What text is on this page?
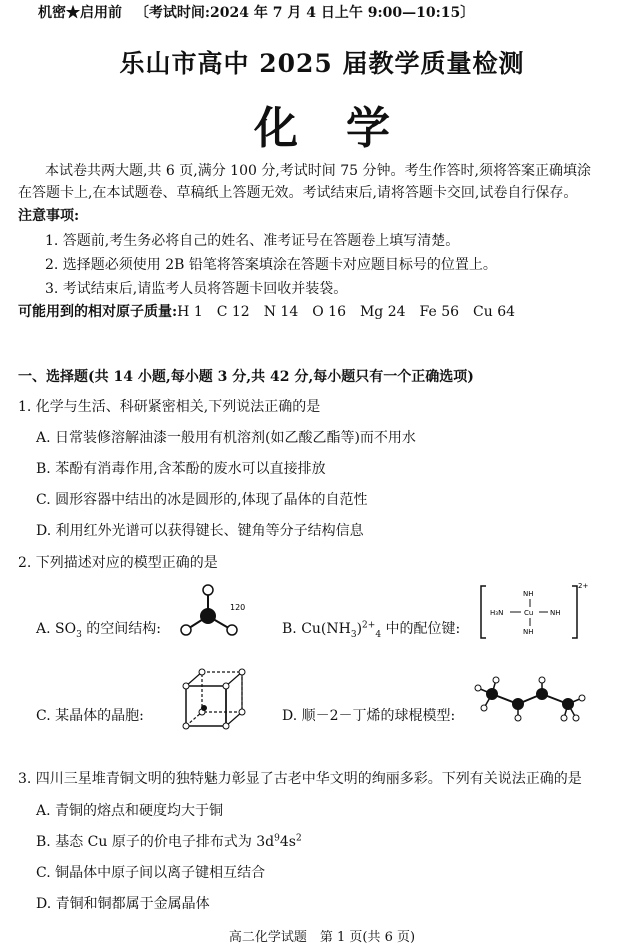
机密★启用前 〔考试时间:2024 年 7 月 4 日上午 9:00—10:15〕
乐山市高中 2025 届教学质量检测
化学
本试卷共两大题,共 6 页,满分 100 分,考试时间 75 分钟。考生作答时,须将答案正确填涂
在答题卡上,在本试题卷、草稿纸上答题无效。考试结束后,请将答题卡交回,试卷自行保存。
注意事项:
1. 答题前,考生务必将自己的姓名、准考证号在答题卷上填写清楚。
2. 选择题必须使用 2B 铅笔将答案填涂在答题卡对应题目标号的位置上。
3. 考试结束后,请监考人员将答题卡回收并装袋。
可能用到的相对原子质量:H 1　C 12　N 14　O 16　Mg 24　Fe 56　Cu 64
一、选择题(共 14 小题,每小题 3 分,共 42 分,每小题只有一个正确选项)
1. 化学与生活、科研紧密相关,下列说法正确的是
A. 日常装修溶解油漆一般用有机溶剂(如乙酸乙酯等)而不用水
B. 苯酚有消毒作用,含苯酚的废水可以直接排放
C. 圆形容器中结出的冰是圆形的,体现了晶体的自范性
D. 利用红外光谱可以获得键长、键角等分子结构信息
2. 下列描述对应的模型正确的是
A. $SO_3$ 的空间结构:
120
B. $Cu(NH_3)^{2+}_4$ 中的配位键:
2+
NH
Cu
H₃N	NH
NH
C. 某晶体的晶胞:	D. 顺－2－丁烯的球棍模型:
3. 四川三星堆青铜文明的独特魅力彰显了古老中华文明的绚丽多彩。下列有关说法正确的是
A. 青铜的熔点和硬度均大于铜
B. 基态 Cu 原子的价电子排布式为 $3d^94s^2$
C. 铜晶体中原子间以离子键相互结合
D. 青铜和铜都属于金属晶体
高二化学试题　第 1 页(共 6 页)
